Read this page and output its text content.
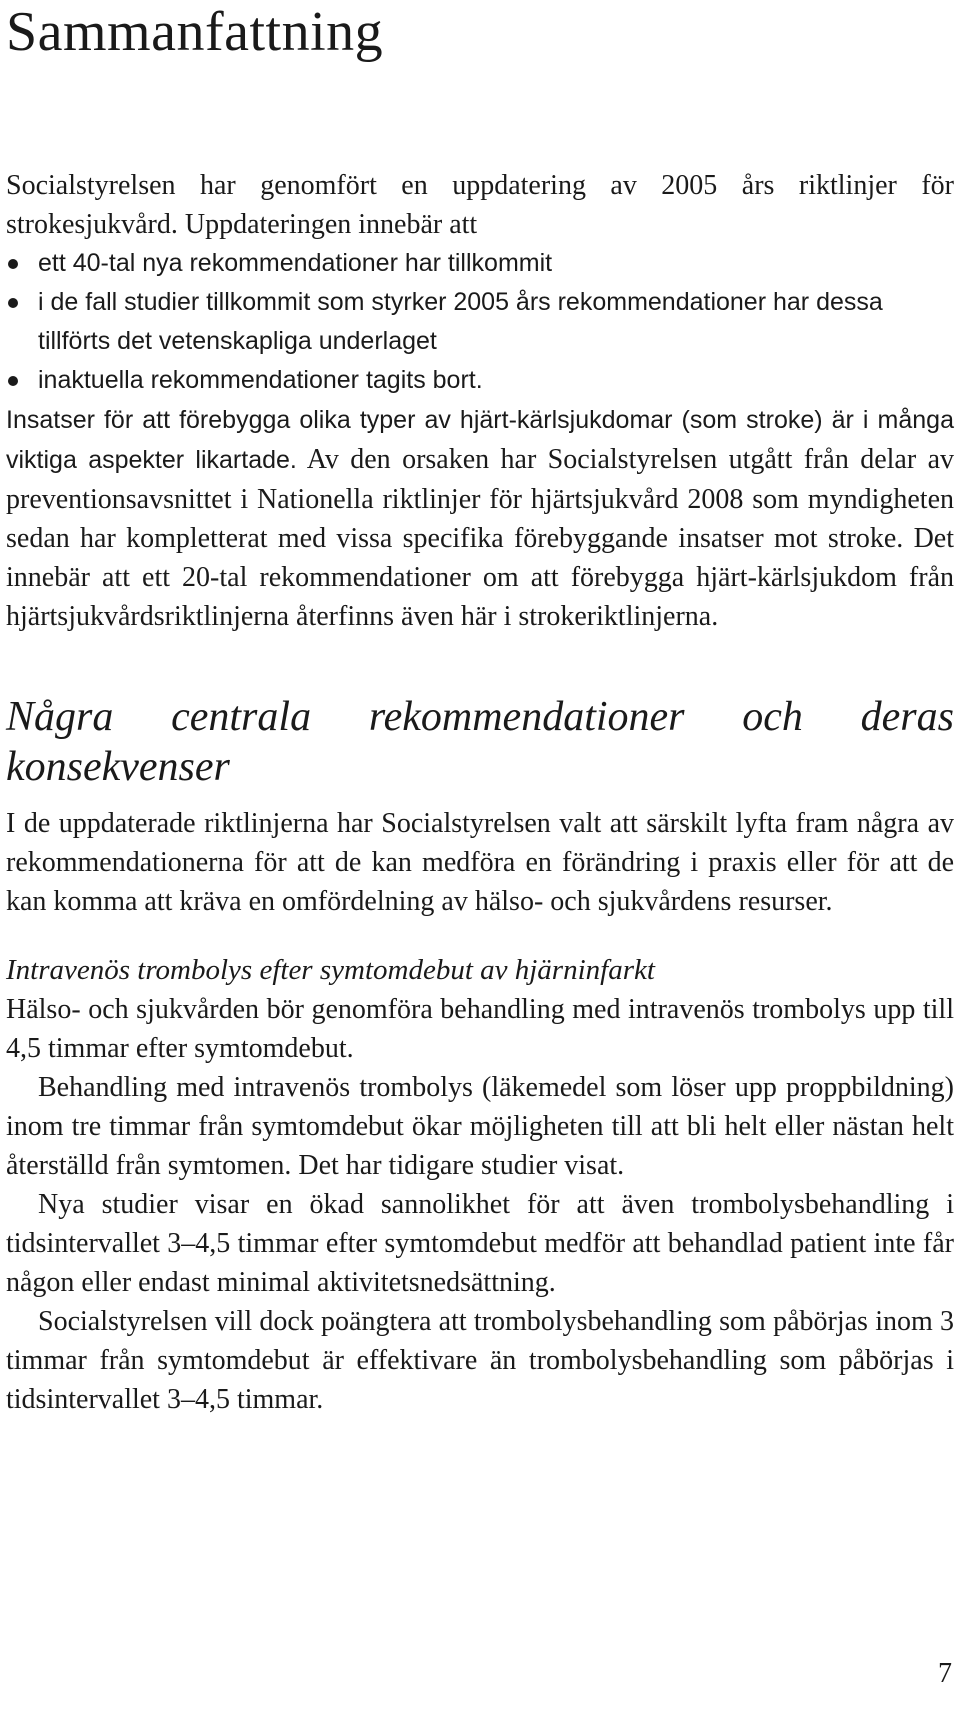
Sammanfattning

Socialstyrelsen har genomfört en uppdatering av 2005 års riktlinjer för strokesjukvård. Uppdateringen innebär att

ett 40-tal nya rekommendationer har tillkommit
i de fall studier tillkommit som styrker 2005 års rekommendationer har dessa tillförts det vetenskapliga underlaget
inaktuella rekommendationer tagits bort.

Insatser för att förebygga olika typer av hjärt-kärlsjukdomar (som stroke) är i många viktiga aspekter likartade. Av den orsaken har Socialstyrelsen utgått från delar av preventionsavsnittet i Nationella riktlinjer för hjärtsjukvård 2008 som myndigheten sedan har kompletterat med vissa specifika förebyggande insatser mot stroke. Det innebär att ett 20-tal rekommendationer om att förebygga hjärt-kärlsjukdom från hjärtsjukvårdsriktlinjerna återfinns även här i strokeriktlinjerna.

Några centrala rekommendationer och deras konsekvenser

I de uppdaterade riktlinjerna har Socialstyrelsen valt att särskilt lyfta fram några av rekommendationerna för att de kan medföra en förändring i praxis eller för att de kan komma att kräva en omfördelning av hälso- och sjukvårdens resurser.

Intravenös trombolys efter symtomdebut av hjärninfarkt

Hälso- och sjukvården bör genomföra behandling med intravenös trombolys upp till 4,5 timmar efter symtomdebut.

Behandling med intravenös trombolys (läkemedel som löser upp proppbildning) inom tre timmar från symtomdebut ökar möjligheten till att bli helt eller nästan helt återställd från symtomen. Det har tidigare studier visat.

Nya studier visar en ökad sannolikhet för att även trombolysbehandling i tidsintervallet 3–4,5 timmar efter symtomdebut medför att behandlad patient inte får någon eller endast minimal aktivitetsnedsättning.

Socialstyrelsen vill dock poängtera att trombolysbehandling som påbörjas inom 3 timmar från symtomdebut är effektivare än trombolysbehandling som påbörjas i tidsintervallet 3–4,5 timmar.

7
